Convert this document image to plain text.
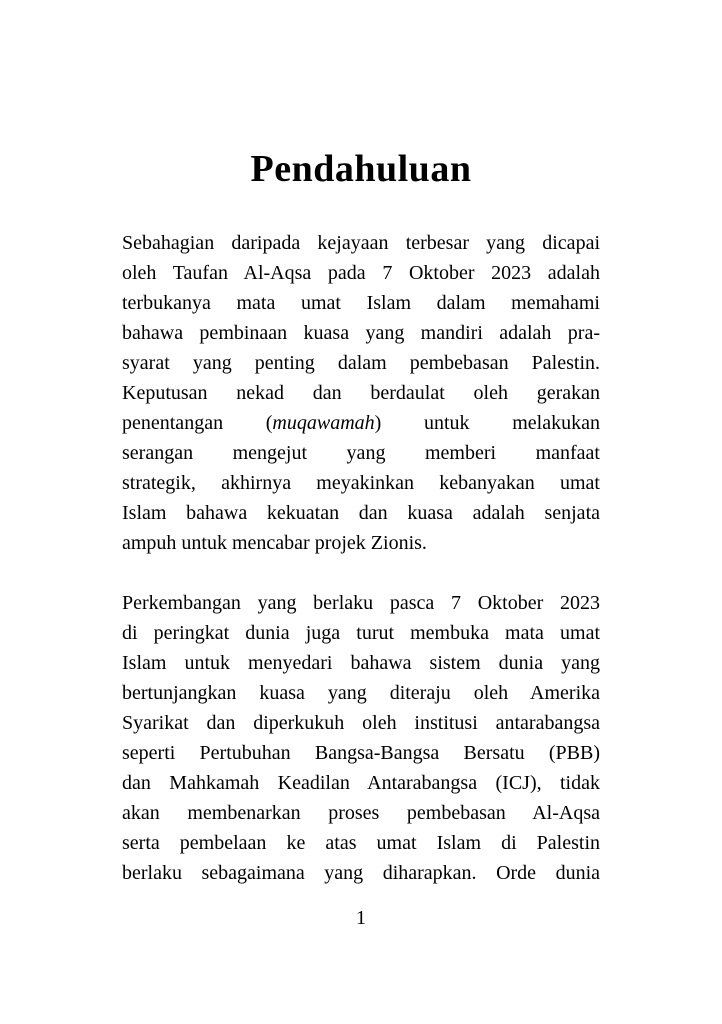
Pendahuluan
Sebahagian daripada kejayaan terbesar yang dicapai
oleh Taufan Al-Aqsa pada 7 Oktober 2023 adalah
terbukanya mata umat Islam dalam memahami
bahawa pembinaan kuasa yang mandiri adalah pra-
syarat yang penting dalam pembebasan Palestin.
Keputusan nekad dan berdaulat oleh gerakan
penentangan (muqawamah) untuk melakukan
serangan mengejut yang memberi manfaat
strategik, akhirnya meyakinkan kebanyakan umat
Islam bahawa kekuatan dan kuasa adalah senjata
ampuh untuk mencabar projek Zionis.
Perkembangan yang berlaku pasca 7 Oktober 2023
di peringkat dunia juga turut membuka mata umat
Islam untuk menyedari bahawa sistem dunia yang
bertunjangkan kuasa yang diteraju oleh Amerika
Syarikat dan diperkukuh oleh institusi antarabangsa
seperti Pertubuhan Bangsa-Bangsa Bersatu (PBB)
dan Mahkamah Keadilan Antarabangsa (ICJ), tidak
akan membenarkan proses pembebasan Al-Aqsa
serta pembelaan ke atas umat Islam di Palestin
berlaku sebagaimana yang diharapkan. Orde dunia
1
